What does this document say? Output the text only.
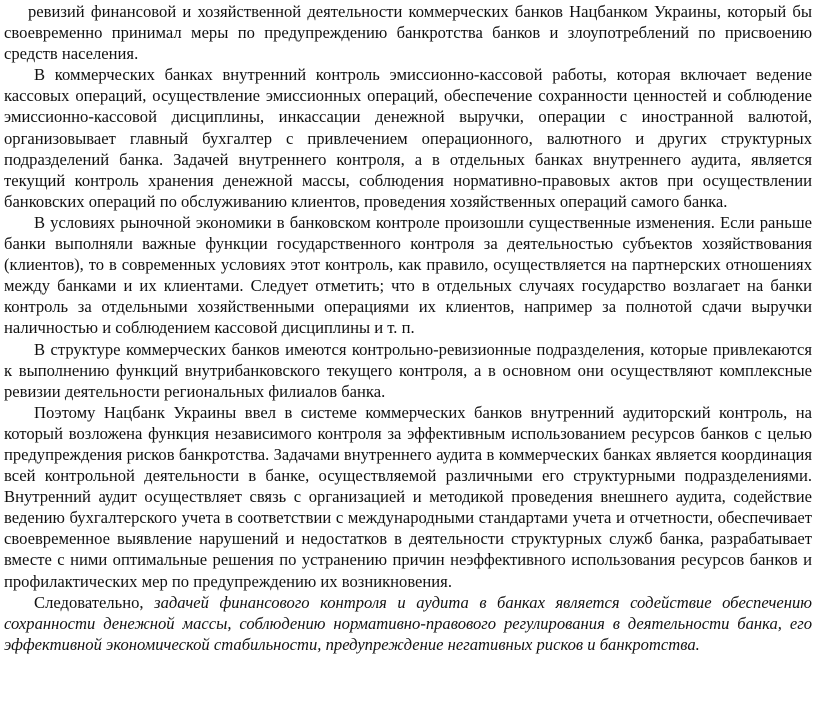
ревизий финансовой и хозяйственной деятельности коммерческих банков Нацбанком Украины, который бы своевременно принимал меры по предупреждению банкротства банков и злоупотреблений по присвоению средств населения.

В коммерческих банках внутренний контроль эмиссионно-кассовой работы, которая включает ведение кассовых операций, осуществление эмиссионных операций, обеспечение сохранности ценностей и соблюдение эмиссионно-кассовой дисциплины, инкассации денежной выручки, операции с иностранной валютой, организовывает главный бухгалтер с привлечением операционного, валютного и других структурных подразделений банка. Задачей внутреннего контроля, а в отдельных банках внутреннего аудита, является текущий контроль хранения денежной массы, соблюдения нормативно-правовых актов при осуществлении банковских операций по обслуживанию клиентов, проведения хозяйственных операций самого банка.

В условиях рыночной экономики в банковском контроле произошли существенные изменения. Если раньше банки выполняли важные функции государственного контроля за деятельностью субъектов хозяйствования (клиентов), то в современных условиях этот контроль, как правило, осуществляется на партнерских отношениях между банками и их клиентами. Следует отметить; что в отдельных случаях государство возлагает на банки контроль за отдельными хозяйственными операциями их клиентов, например за полнотой сдачи выручки наличностью и соблюдением кассовой дисциплины и т. п.

В структуре коммерческих банков имеются контрольно-ревизионные подразделения, которые привлекаются к выполнению функций внутрибанковского текущего контроля, а в основном они осуществляют комплексные ревизии деятельности региональных филиалов банка.

Поэтому Нацбанк Украины ввел в системе коммерческих банков внутренний аудиторский контроль, на который возложена функция независимого контроля за эффективным использованием ресурсов банков с целью предупреждения рисков банкротства. Задачами внутреннего аудита в коммерческих банках является координация всей контрольной деятельности в банке, осуществляемой различными его структурными подразделениями. Внутренний аудит осуществляет связь с организацией и методикой проведения внешнего аудита, содействие ведению бухгалтерского учета в соответствии с международными стандартами учета и отчетности, обеспечивает своевременное выявление нарушений и недостатков в деятельности структурных служб банка, разрабатывает вместе с ними оптимальные решения по устранению причин неэффективного использования ресурсов банков и профилактических мер по предупреждению их возникновения.

Следовательно, задачей финансового контроля и аудита в банках является содействие обеспечению сохранности денежной массы, соблюдению нормативно-правового регулирования в деятельности банка, его эффективной экономической стабильности, предупреждение негативных рисков и банкротства.
